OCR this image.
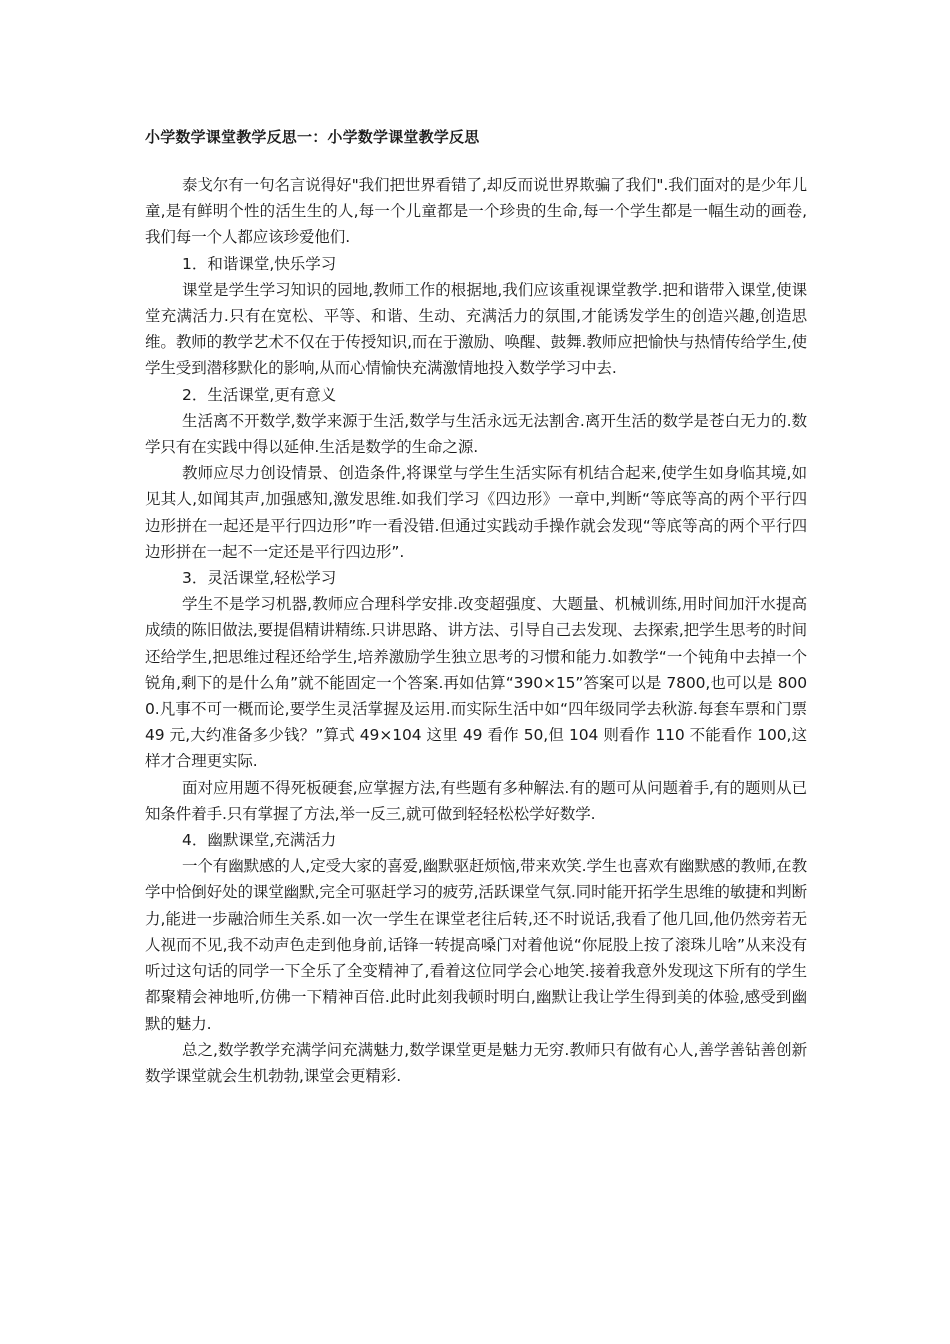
小学数学课堂教学反思一：小学数学课堂教学反思

泰戈尔有一句名言说得好"我们把世界看错了,却反而说世界欺骗了我们".我们面对的是少年儿童,是有鲜明个性的活生生的人,每一个儿童都是一个珍贵的生命,每一个学生都是一幅生动的画卷,我们每一个人都应该珍爱他们.

1．和谐课堂,快乐学习

课堂是学生学习知识的园地,教师工作的根据地,我们应该重视课堂教学.把和谐带入课堂,使课堂充满活力.只有在宽松、平等、和谐、生动、充满活力的氛围,才能诱发学生的创造兴趣,创造思维。教师的教学艺术不仅在于传授知识,而在于激励、唤醒、鼓舞.教师应把愉快与热情传给学生,使学生受到潜移默化的影响,从而心情愉快充满激情地投入数学学习中去.

2．生活课堂,更有意义

生活离不开数学,数学来源于生活,数学与生活永远无法割舍.离开生活的数学是苍白无力的.数学只有在实践中得以延伸.生活是数学的生命之源.

教师应尽力创设情景、创造条件,将课堂与学生生活实际有机结合起来,使学生如身临其境,如见其人,如闻其声,加强感知,激发思维.如我们学习《四边形》一章中,判断“等底等高的两个平行四边形拼在一起还是平行四边形”咋一看没错.但通过实践动手操作就会发现“等底等高的两个平行四边形拼在一起不一定还是平行四边形”.

3．灵活课堂,轻松学习

学生不是学习机器,教师应合理科学安排.改变超强度、大题量、机械训练,用时间加汗水提高成绩的陈旧做法,要提倡精讲精练.只讲思路、讲方法、引导自己去发现、去探索,把学生思考的时间还给学生,把思维过程还给学生,培养激励学生独立思考的习惯和能力.如教学“一个钝角中去掉一个锐角,剩下的是什么角”就不能固定一个答案.再如估算“390×15”答案可以是 7800,也可以是 8000.凡事不可一概而论,要学生灵活掌握及运用.而实际生活中如“四年级同学去秋游.每套车票和门票 49 元,大约准备多少钱？”算式 49×104 这里 49 看作 50,但 104 则看作 110 不能看作 100,这样才合理更实际.

面对应用题不得死板硬套,应掌握方法,有些题有多种解法.有的题可从问题着手,有的题则从已知条件着手.只有掌握了方法,举一反三,就可做到轻轻松松学好数学.

4．幽默课堂,充满活力

一个有幽默感的人,定受大家的喜爱,幽默驱赶烦恼,带来欢笑.学生也喜欢有幽默感的教师,在教学中恰倒好处的课堂幽默,完全可驱赶学习的疲劳,活跃课堂气氛.同时能开拓学生思维的敏捷和判断力,能进一步融洽师生关系.如一次一学生在课堂老往后转,还不时说话,我看了他几回,他仍然旁若无人视而不见,我不动声色走到他身前,话锋一转提高嗓门对着他说“你屁股上按了滚珠儿啥”从来没有听过这句话的同学一下全乐了全变精神了,看着这位同学会心地笑.接着我意外发现这下所有的学生都聚精会神地听,仿佛一下精神百倍.此时此刻我顿时明白,幽默让我让学生得到美的体验,感受到幽默的魅力.

总之,数学教学充满学问充满魅力,数学课堂更是魅力无穷.教师只有做有心人,善学善钻善创新数学课堂就会生机勃勃,课堂会更精彩.
